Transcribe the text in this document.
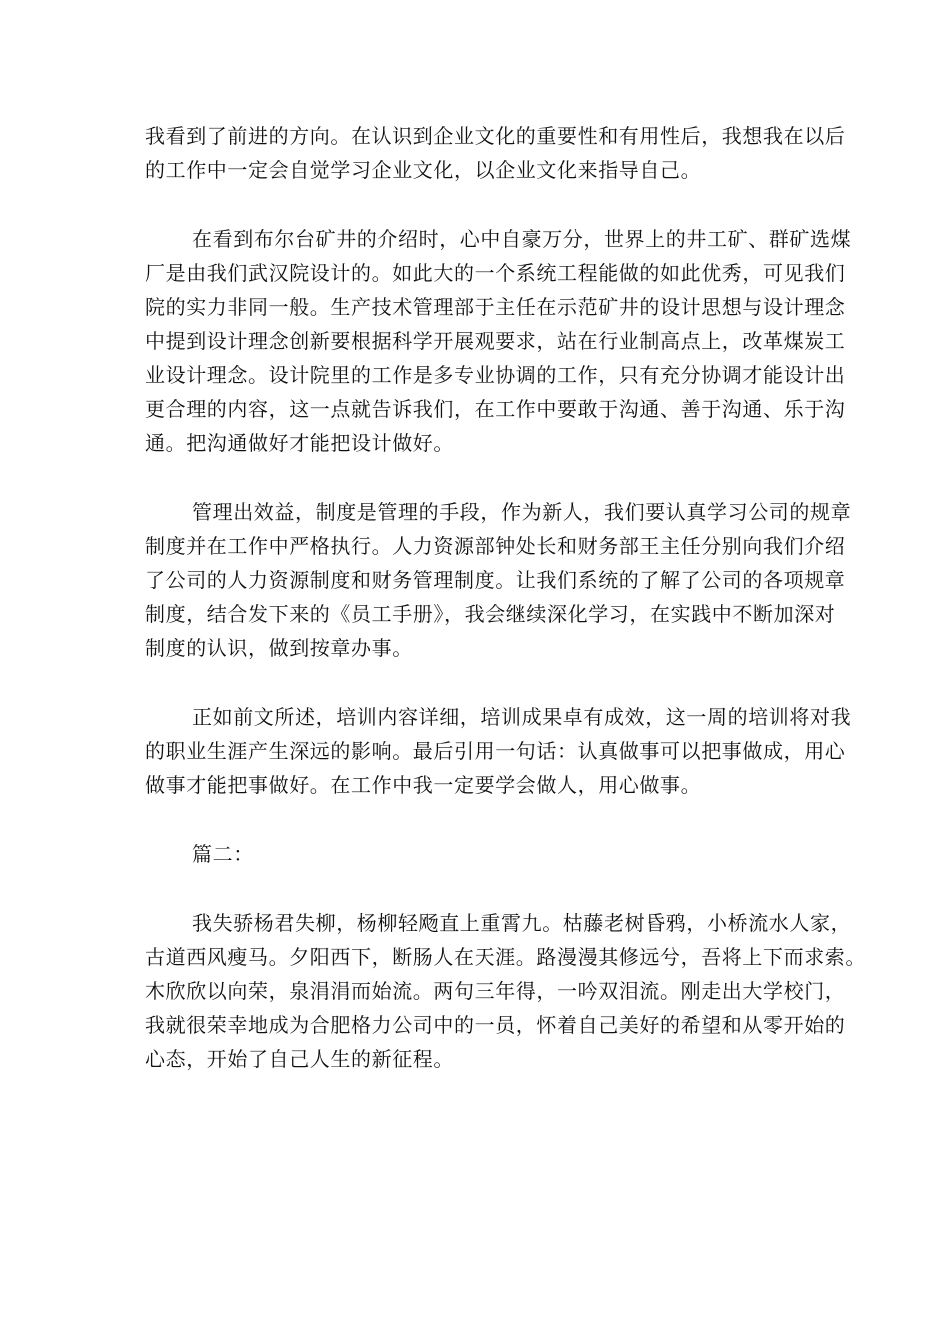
我看到了前进的方向。在认识到企业文化的重要性和有用性后，我想我在以后
的工作中一定会自觉学习企业文化，以企业文化来指导自己。

在看到布尔台矿井的介绍时，心中自豪万分，世界上的井工矿、群矿选煤
厂是由我们武汉院设计的。如此大的一个系统工程能做的如此优秀，可见我们
院的实力非同一般。生产技术管理部于主任在示范矿井的设计思想与设计理念
中提到设计理念创新要根据科学开展观要求，站在行业制高点上，改革煤炭工
业设计理念。设计院里的工作是多专业协调的工作，只有充分协调才能设计出
更合理的内容，这一点就告诉我们，在工作中要敢于沟通、善于沟通、乐于沟
通。把沟通做好才能把设计做好。

管理出效益，制度是管理的手段，作为新人，我们要认真学习公司的规章
制度并在工作中严格执行。人力资源部钟处长和财务部王主任分别向我们介绍
了公司的人力资源制度和财务管理制度。让我们系统的了解了公司的各项规章
制度，结合发下来的《员工手册》，我会继续深化学习，在实践中不断加深对
制度的认识，做到按章办事。

正如前文所述，培训内容详细，培训成果卓有成效，这一周的培训将对我
的职业生涯产生深远的影响。最后引用一句话：认真做事可以把事做成，用心
做事才能把事做好。在工作中我一定要学会做人，用心做事。

篇二：

我失骄杨君失柳，杨柳轻飏直上重霄九。枯藤老树昏鸦，小桥流水人家，
古道西风瘦马。夕阳西下，断肠人在天涯。路漫漫其修远兮，吾将上下而求索。
木欣欣以向荣，泉涓涓而始流。两句三年得，一吟双泪流。刚走出大学校门，
我就很荣幸地成为合肥格力公司中的一员，怀着自己美好的希望和从零开始的
心态，开始了自己人生的新征程。
